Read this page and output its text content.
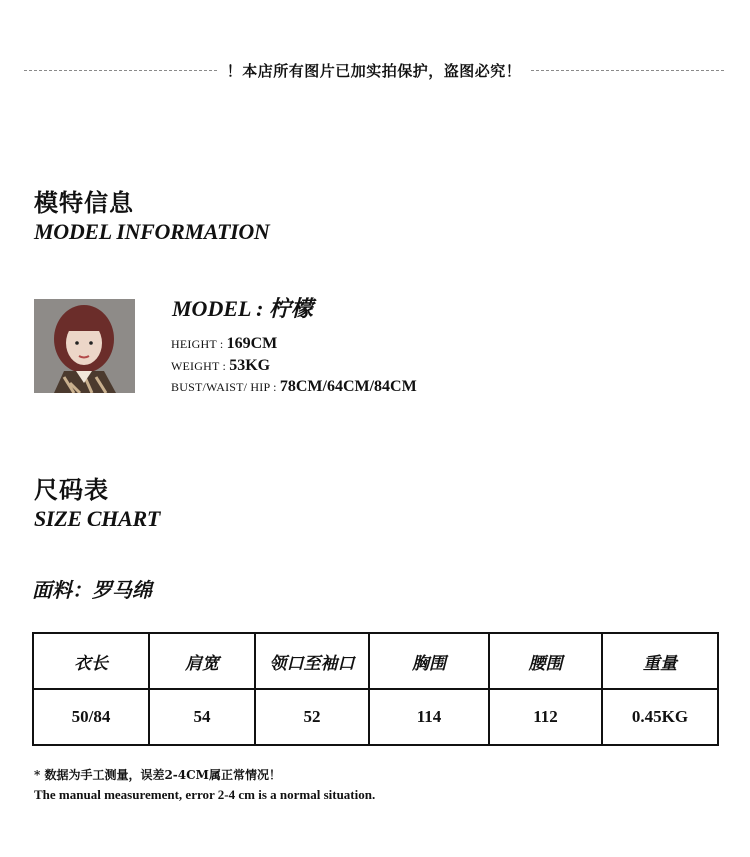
！本店所有图片已加实拍保护，盗图必究！
模特信息
MODEL INFORMATION
MODEL : 柠檬
HEIGHT : 169CM
WEIGHT : 53KG
BUST/WAIST/ HIP : 78CM/64CM/84CM
尺码表
SIZE CHART
面料：罗马绵
衣长	肩宽	领口至袖口	胸围	腰围	重量
50/84	54	52	114	112	0.45KG
* 数据为手工测量，误差2-4CM属正常情况！
The manual measurement, error 2-4 cm is a normal situation.
